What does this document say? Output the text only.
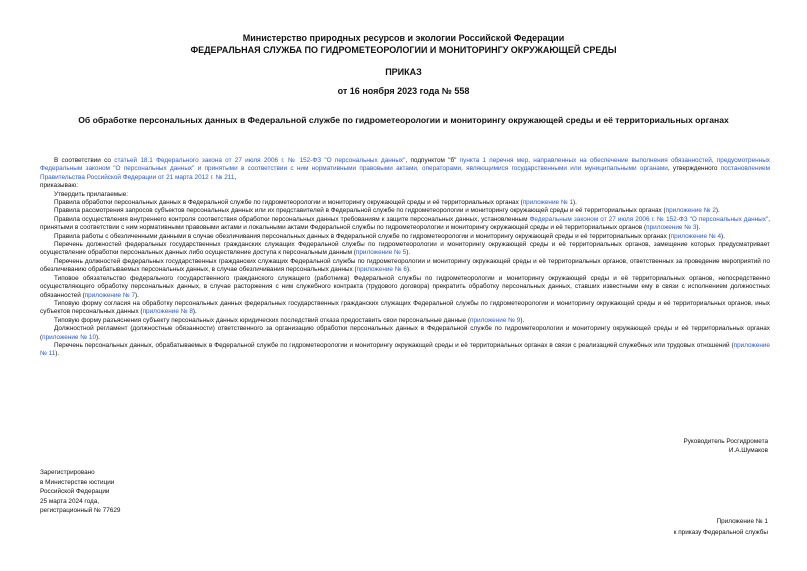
Министерство природных ресурсов и экологии Российской Федерации
ФЕДЕРАЛЬНАЯ СЛУЖБА ПО ГИДРОМЕТЕОРОЛОГИИ И МОНИТОРИНГУ ОКРУЖАЮЩЕЙ СРЕДЫ
ПРИКАЗ
от 16 ноября 2023 года № 558
Об обработке персональных данных в Федеральной службе по гидрометеорологии и мониторингу окружающей среды и её территориальных органах

В соответствии со статьей 18.1 Федерального закона от 27 июля 2006 г. № 152-ФЗ "О персональных данных", подпунктом "б" пункта 1 перечня мер, направленных на обеспечение выполнения обязанностей, предусмотренных Федеральным законом "О персональных данных" и принятыми в соответствии с ним нормативными правовыми актами, операторами, являющимися государственными или муниципальными органами, утвержденного постановлением Правительства Российской Федерации от 21 марта 2012 г. № 211,

приказываю:

Утвердить прилагаемые:

Правила обработки персональных данных в Федеральной службе по гидрометеорологии и мониторингу окружающей среды и её территориальных органах (приложение № 1).

Правила рассмотрения запросов субъектов персональных данных или их представителей в Федеральной службе по гидрометеорологии и мониторингу окружающей среды и её территориальных органах (приложение № 2).

Правила осуществления внутреннего контроля соответствия обработки персональных данных требованиям к защите персональных данных, установленным Федеральным законом от 27 июля 2006 г. № 152-ФЗ "О персональных данных", принятыми в соответствии с ним нормативными правовыми актами и локальными актами Федеральной службы по гидрометеорологии и мониторингу окружающей среды и её территориальных органов (приложение № 3).

Правила работы с обезличенными данными в случае обезличивания персональных данных в Федеральной службе по гидрометеорологии и мониторингу окружающей среды и её территориальных органах (приложение № 4).

Перечень должностей федеральных государственных гражданских служащих Федеральной службы по гидрометеорологии и мониторингу окружающей среды и её территориальных органов, замещение которых предусматривает осуществление обработки персональных данных либо осуществление доступа к персональным данным (приложение № 5).

Перечень должностей федеральных государственных гражданских служащих Федеральной службы по гидрометеорологии и мониторингу окружающей среды и её территориальных органов, ответственных за проведение мероприятий по обезличиванию обрабатываемых персональных данных, в случае обезличивания персональных данных (приложение № 6).

Типовое обязательство федерального государственного гражданского служащего (работника) Федеральной службы по гидрометеорологии и мониторингу окружающей среды и её территориальных органов, непосредственно осуществляющего обработку персональных данных, в случае расторжения с ним служебного контракта (трудового договора) прекратить обработку персональных данных, ставших известными ему в связи с исполнением должностных обязанностей (приложение № 7).

Типовую форму согласия на обработку персональных данных федеральных государственных гражданских служащих Федеральной службы по гидрометеорологии и мониторингу окружающей среды и её территориальных органов, иных субъектов персональных данных (приложение № 8).

Типовую форму разъяснения субъекту персональных данных юридических последствий отказа предоставить свои персональные данные (приложение № 9).

Должностной регламент (должностные обязанности) ответственного за организацию обработки персональных данных в Федеральной службе по гидрометеорологии и мониторингу окружающей среды и её территориальных органах (приложение № 10).

Перечень персональных данных, обрабатываемых в Федеральной службе по гидрометеорологии и мониторингу окружающей среды и её территориальных органах в связи с реализацией служебных или трудовых отношений (приложение № 11).

Руководитель Росгидромета
И.А.Шумаков
Зарегистрировано
в Министерстве юстиции
Российской Федерации
25 марта 2024 года,
регистрационный № 77629
Приложение № 1
к приказу Федеральной службы
